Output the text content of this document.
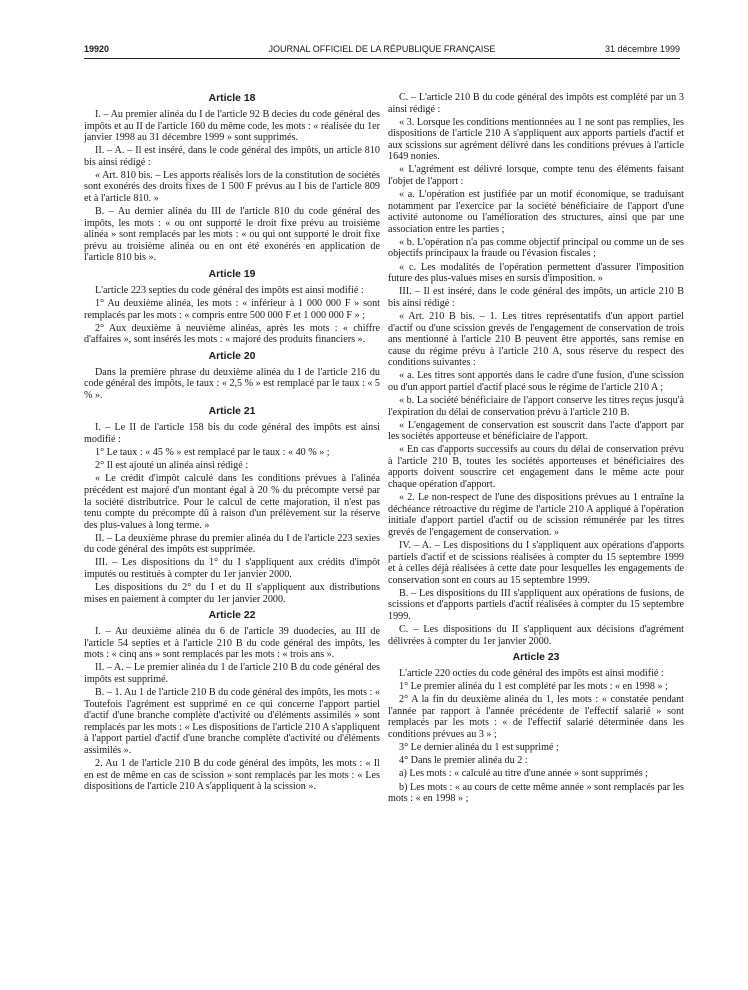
19920	JOURNAL OFFICIEL DE LA RÉPUBLIQUE FRANÇAISE	31 décembre 1999
Article 18

I. – Au premier alinéa du I de l'article 92 B decies du code général des impôts et au II de l'article 160 du même code, les mots : « réalisée du 1er janvier 1998 au 31 décembre 1999 » sont supprimés.

II. – A. – Il est inséré, dans le code général des impôts, un article 810 bis ainsi rédigé :

« Art. 810 bis. – Les apports réalisés lors de la constitution de sociétés sont exonérés des droits fixes de 1 500 F prévus au I bis de l'article 809 et à l'article 810. »

B. – Au dernier alinéa du III de l'article 810 du code général des impôts, les mots : « ou ont supporté le droit fixe prévu au troisième alinéa » sont remplacés par les mots : « ou qui ont supporté le droit fixe prévu au troisième alinéa ou en ont été exonérés en application de l'article 810 bis ».

Article 19

L'article 223 septies du code général des impôts est ainsi modifié :

1° Au deuxième alinéa, les mots : « inférieur à 1 000 000 F » sont remplacés par les mots : « compris entre 500 000 F et 1 000 000 F » ;

2° Aux deuxième à neuvième alinéas, après les mots : « chiffre d'affaires », sont insérés les mots : « majoré des produits financiers ».

Article 20

Dans la première phrase du deuxième alinéa du I de l'article 216 du code général des impôts, le taux : « 2,5 % » est remplacé par le taux : « 5 % ».

Article 21

I. – Le II de l'article 158 bis du code général des impôts est ainsi modifié :

1° Le taux : « 45 % » est remplacé par le taux : « 40 % » ;

2° Il est ajouté un alinéa ainsi rédigé :

« Le crédit d'impôt calculé dans les conditions prévues à l'alinéa précédent est majoré d'un montant égal à 20 % du précompte versé par la société distributrice. Pour le calcul de cette majoration, il n'est pas tenu compte du précompte dû à raison d'un prélèvement sur la réserve des plus-values à long terme. »

II. – La deuxième phrase du premier alinéa du I de l'article 223 sexies du code général des impôts est supprimée.

III. – Les dispositions du 1° du I s'appliquent aux crédits d'impôt imputés ou restitués à compter du 1er janvier 2000.

Les dispositions du 2° du I et du II s'appliquent aux distributions mises en paiement à compter du 1er janvier 2000.

Article 22

I. – Au deuxième alinéa du 6 de l'article 39 duodecies, au III de l'article 54 septies et à l'article 210 B du code général des impôts, les mots : « cinq ans » sont remplacés par les mots : « trois ans ».

II. – A. – Le premier alinéa du 1 de l'article 210 B du code général des impôts est supprimé.

B. – 1. Au 1 de l'article 210 B du code général des impôts, les mots : « Toutefois l'agrément est supprimé en ce qui concerne l'apport partiel d'actif d'une branche complète d'activité ou d'éléments assimilés » sont remplacés par les mots : « Les dispositions de l'article 210 A s'appliquent à l'apport partiel d'actif d'une branche complète d'activité ou d'éléments assimilés ».

2. Au 1 de l'article 210 B du code général des impôts, les mots : « Il en est de même en cas de scission » sont remplacés par les mots : « Les dispositions de l'article 210 A s'appliquent à la scission ».

C. – L'article 210 B du code général des impôts est complété par un 3 ainsi rédigé :

« 3. Lorsque les conditions mentionnées au 1 ne sont pas remplies, les dispositions de l'article 210 A s'appliquent aux apports partiels d'actif et aux scissions sur agrément délivré dans les conditions prévues à l'article 1649 nonies.

« L'agrément est délivré lorsque, compte tenu des éléments faisant l'objet de l'apport :

« a. L'opération est justifiée par un motif économique, se traduisant notamment par l'exercice par la société bénéficiaire de l'apport d'une activité autonome ou l'amélioration des structures, ainsi que par une association entre les parties ;

« b. L'opération n'a pas comme objectif principal ou comme un de ses objectifs principaux la fraude ou l'évasion fiscales ;

« c. Les modalités de l'opération permettent d'assurer l'imposition future des plus-values mises en sursis d'imposition. »

III. – Il est inséré, dans le code général des impôts, un article 210 B bis ainsi rédigé :

« Art. 210 B bis. – 1. Les titres représentatifs d'un apport partiel d'actif ou d'une scission grevés de l'engagement de conservation de trois ans mentionné à l'article 210 B peuvent être apportés, sans remise en cause du régime prévu à l'article 210 A, sous réserve du respect des conditions suivantes :

« a. Les titres sont apportés dans le cadre d'une fusion, d'une scission ou d'un apport partiel d'actif placé sous le régime de l'article 210 A ;

« b. La société bénéficiaire de l'apport conserve les titres reçus jusqu'à l'expiration du délai de conservation prévu à l'article 210 B.

« L'engagement de conservation est souscrit dans l'acte d'apport par les sociétés apporteuse et bénéficiaire de l'apport.

« En cas d'apports successifs au cours du délai de conservation prévu à l'article 210 B, toutes les sociétés apporteuses et bénéficiaires des apports doivent souscrire cet engagement dans le même acte pour chaque opération d'apport.

« 2. Le non-respect de l'une des dispositions prévues au 1 entraîne la déchéance rétroactive du régime de l'article 210 A appliqué à l'opération initiale d'apport partiel d'actif ou de scission rémunérée par les titres grevés de l'engagement de conservation. »

IV. – A. – Les dispositions du I s'appliquent aux opérations d'apports partiels d'actif et de scissions réalisées à compter du 15 septembre 1999 et à celles déjà réalisées à cette date pour lesquelles les engagements de conservation sont en cours au 15 septembre 1999.

B. – Les dispositions du III s'appliquent aux opérations de fusions, de scissions et d'apports partiels d'actif réalisées à compter du 15 septembre 1999.

C. – Les dispositions du II s'appliquent aux décisions d'agrément délivrées à compter du 1er janvier 2000.

Article 23

L'article 220 octies du code général des impôts est ainsi modifié :

1° Le premier alinéa du 1 est complété par les mots : « en 1998 » ;

2° A la fin du deuxième alinéa du 1, les mots : « constatée pendant l'année par rapport à l'année précédente de l'effectif salarié » sont remplacés par les mots : « de l'effectif salarié déterminée dans les conditions prévues au 3 » ;

3° Le dernier alinéa du 1 est supprimé ;

4° Dans le premier alinéa du 2 :

a) Les mots : « calculé au titre d'une année » sont supprimés ;

b) Les mots : « au cours de cette même année » sont remplacés par les mots : « en 1998 » ;
